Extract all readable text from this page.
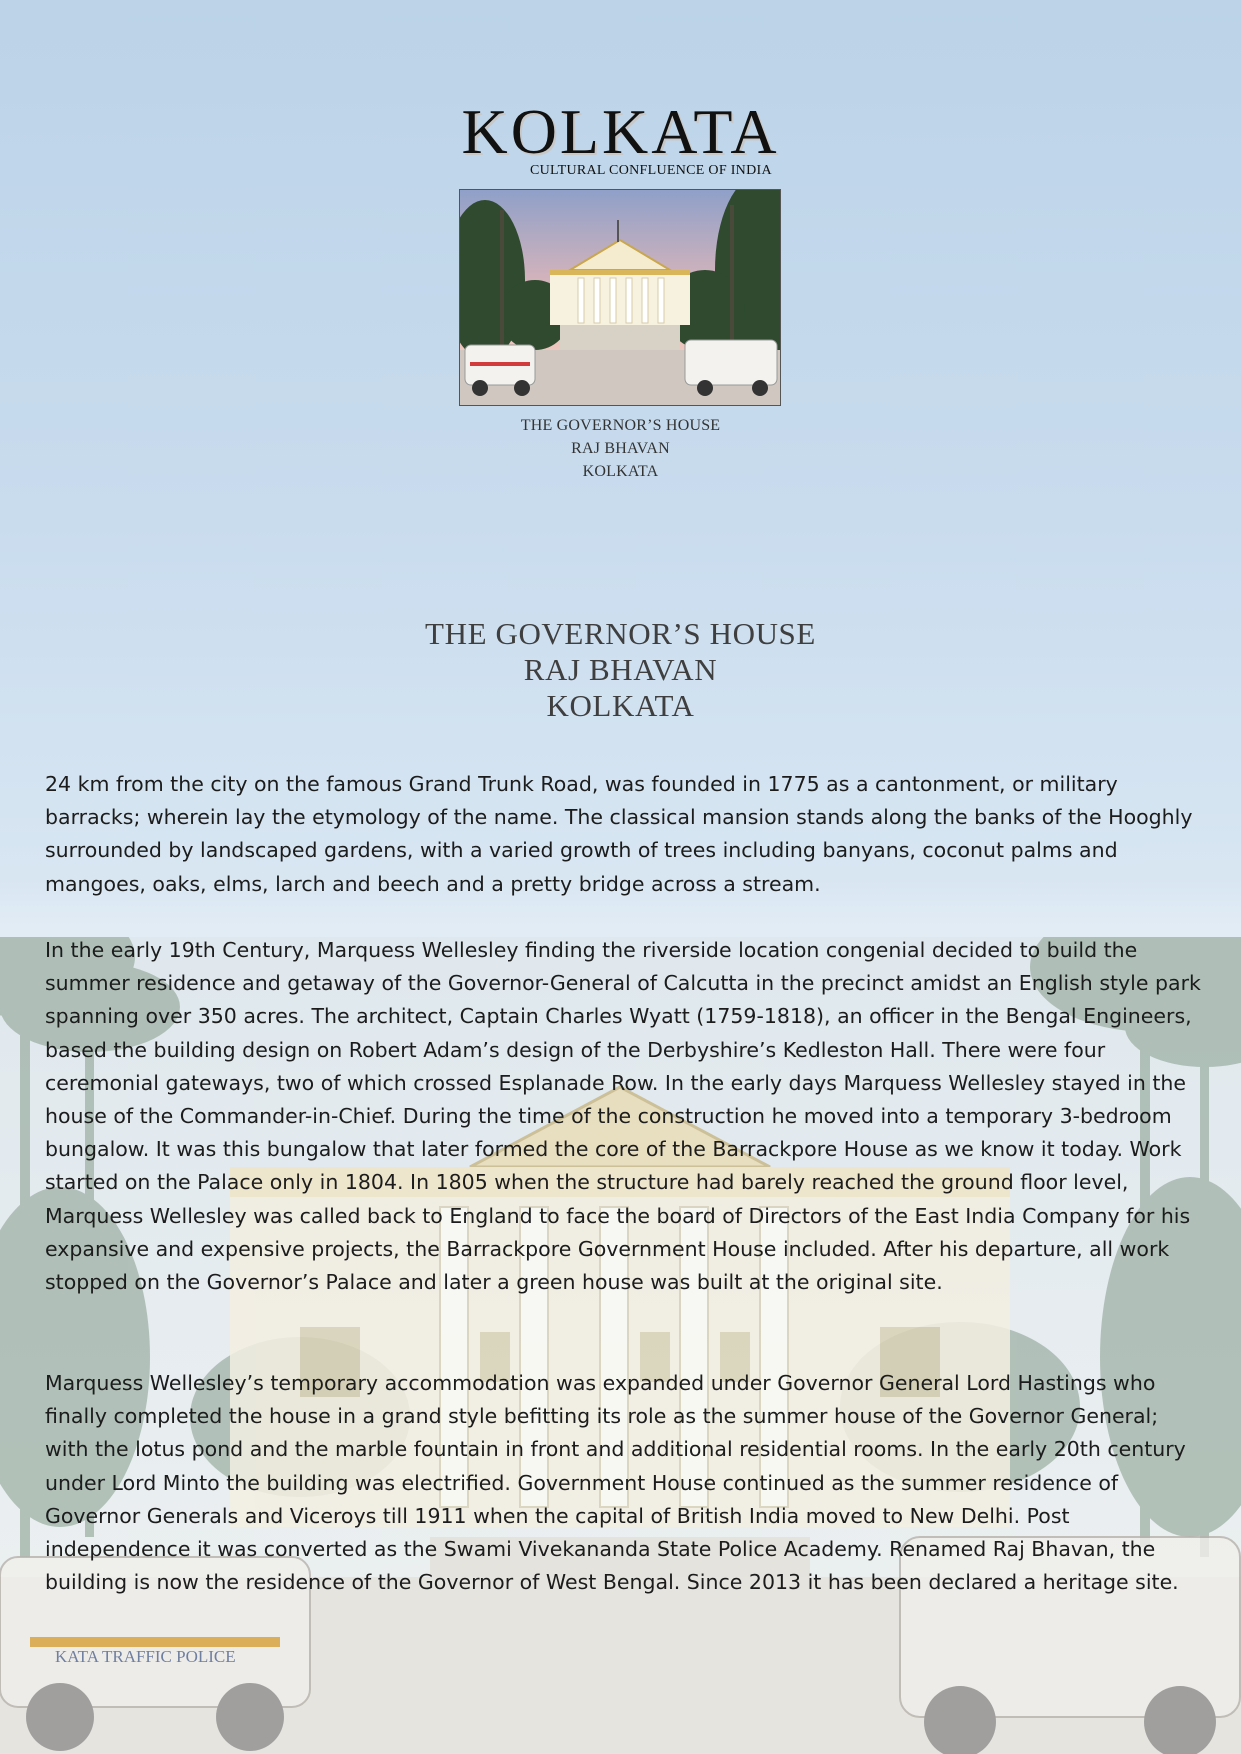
KATA TRAFFIC POLICE
KOLKATA
CULTURAL CONFLUENCE OF INDIA
THE GOVERNOR’S HOUSE
RAJ BHAVAN
KOLKATA
THE GOVERNOR’S HOUSE
RAJ BHAVAN
KOLKATA

24 km from the city on the famous Grand Trunk Road, was founded in 1775 as a cantonment, or military barracks; wherein lay the etymology of the name. The classical mansion stands along the banks of the Hooghly surrounded by landscaped gardens, with a varied growth of trees including banyans, coconut palms and mangoes, oaks, elms, larch and beech and a pretty bridge across a stream.

In the early 19th Century, Marquess Wellesley finding the riverside location congenial decided to build the summer residence and getaway of the Governor-General of Calcutta in the precinct amidst an English style park spanning over 350 acres. The architect, Captain Charles Wyatt (1759-1818), an officer in the Bengal Engineers, based the building design on Robert Adam’s design of the Derbyshire’s Kedleston Hall. There were four ceremonial gateways, two of which crossed Esplanade Row. In the early days Marquess Wellesley stayed in the house of the Commander-in-Chief. During the time of the construction he moved into a temporary 3-bedroom bungalow. It was this bungalow that later formed the core of the Barrackpore House as we know it today. Work started on the Palace only in 1804. In 1805 when the structure had barely reached the ground floor level, Marquess Wellesley was called back to England to face the board of Directors of the East India Company for his expansive and expensive projects, the Barrackpore Government House included. After his departure, all work stopped on the Governor’s Palace and later a green house was built at the original site.

Marquess Wellesley’s temporary accommodation was expanded under Governor General Lord Hastings who finally completed the house in a grand style befitting its role as the summer house of the Governor General; with the lotus pond and the marble fountain in front and additional residential rooms. In the early 20th century under Lord Minto the building was electrified. Government House continued as the summer residence of Governor Generals and Viceroys till 1911 when the capital of British India moved to New Delhi. Post independence it was converted as the Swami Vivekananda State Police Academy. Renamed Raj Bhavan, the building is now the residence of the Governor of West Bengal. Since 2013 it has been declared a heritage site.
